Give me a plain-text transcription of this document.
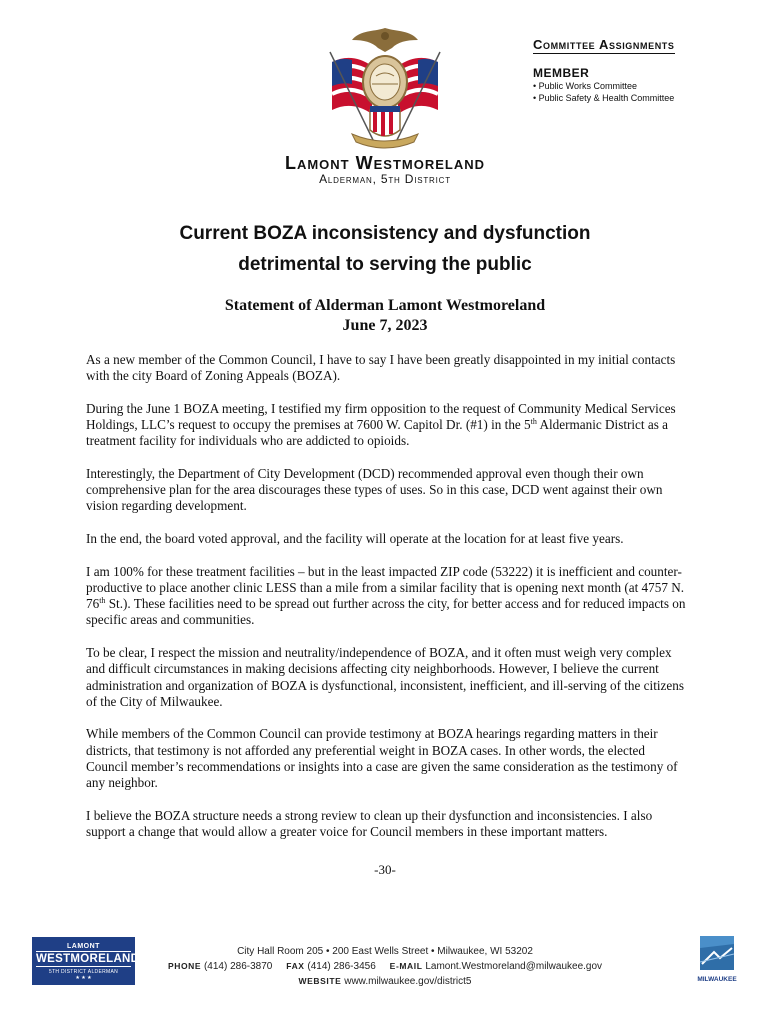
Committee Assignments
MEMBER
• Public Works Committee
• Public Safety & Health Committee
Lamont Westmoreland
Alderman, 5th District
Current BOZA inconsistency and dysfunction
detrimental to serving the public
Statement of Alderman Lamont Westmoreland
June 7, 2023

As a new member of the Common Council, I have to say I have been greatly disappointed in my initial contacts with the city Board of Zoning Appeals (BOZA).

During the June 1 BOZA meeting, I testified my firm opposition to the request of Community Medical Services Holdings, LLC’s request to occupy the premises at 7600 W. Capitol Dr. (#1) in the 5th Aldermanic District as a treatment facility for individuals who are addicted to opioids.

Interestingly, the Department of City Development (DCD) recommended approval even though their own comprehensive plan for the area discourages these types of uses. So in this case, DCD went against their own vision regarding development.

In the end, the board voted approval, and the facility will operate at the location for at least five years.

I am 100% for these treatment facilities – but in the least impacted ZIP code (53222) it is inefficient and counter-productive to place another clinic LESS than a mile from a similar facility that is opening next month (at 4757 N. 76th St.). These facilities need to be spread out further across the city, for better access and for reduced impacts on specific areas and communities.

To be clear, I respect the mission and neutrality/independence of BOZA, and it often must weigh very complex and difficult circumstances in making decisions affecting city neighborhoods. However, I believe the current administration and organization of BOZA is dysfunctional, inconsistent, inefficient, and ill-serving of the citizens of the City of Milwaukee.

While members of the Common Council can provide testimony at BOZA hearings regarding matters in their districts, that testimony is not afforded any preferential weight in BOZA cases. In other words, the elected Council member’s recommendations or insights into a case are given the same consideration as the testimony of any neighbor.

I believe the BOZA structure needs a strong review to clean up their dysfunction and inconsistencies. I also support a change that would allow a greater voice for Council members in these important matters.

-30-
LAMONT
WESTMORELAND
5TH DISTRICT ALDERMAN
★ ★ ★
City Hall Room 205 • 200 East Wells Street • Milwaukee, WI 53202
PHONE (414) 286-3870 FAX (414) 286-3456 E-MAIL Lamont.Westmoreland@milwaukee.gov
WEBSITE www.milwaukee.gov/district5	MILWAUKEE
